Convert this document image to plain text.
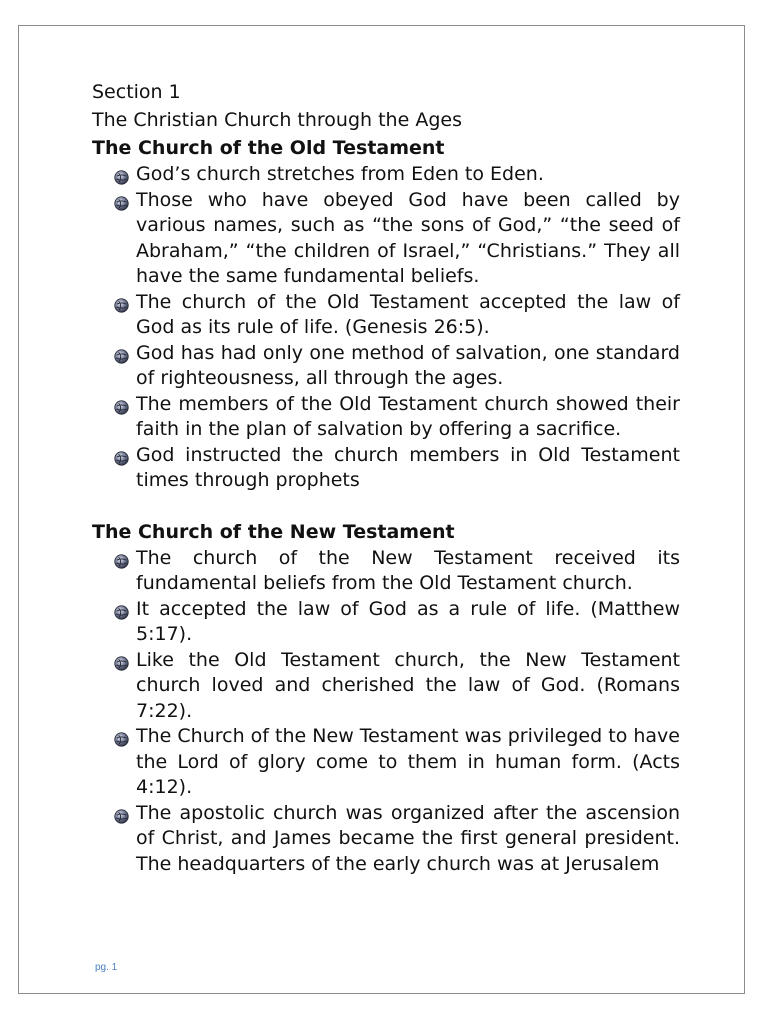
Section 1

The Christian Church through the Ages

The Church of the Old Testament

God’s church stretches from Eden to Eden.
Those who have obeyed God have been called by various names, such as “the sons of God,” “the seed of Abraham,” “the children of Israel,” “Christians.” They all have the same fundamental beliefs.
The church of the Old Testament accepted the law of God as its rule of life. (Genesis 26:5).
God has had only one method of salvation, one standard of righteousness, all through the ages.
The members of the Old Testament church showed their faith in the plan of salvation by offering a sacrifice.
God instructed the church members in Old Testament times through prophets

The Church of the New Testament

The church of the New Testament received its fundamental beliefs from the Old Testament church.
It accepted the law of God as a rule of life. (Matthew 5:17).
Like the Old Testament church, the New Testament church loved and cherished the law of God. (Romans 7:22).
The Church of the New Testament was privileged to have the Lord of glory come to them in human form. (Acts 4:12).
The apostolic church was organized after the ascension of Christ, and James became the first general president. The headquarters of the early church was at Jerusalem
pg. 1
